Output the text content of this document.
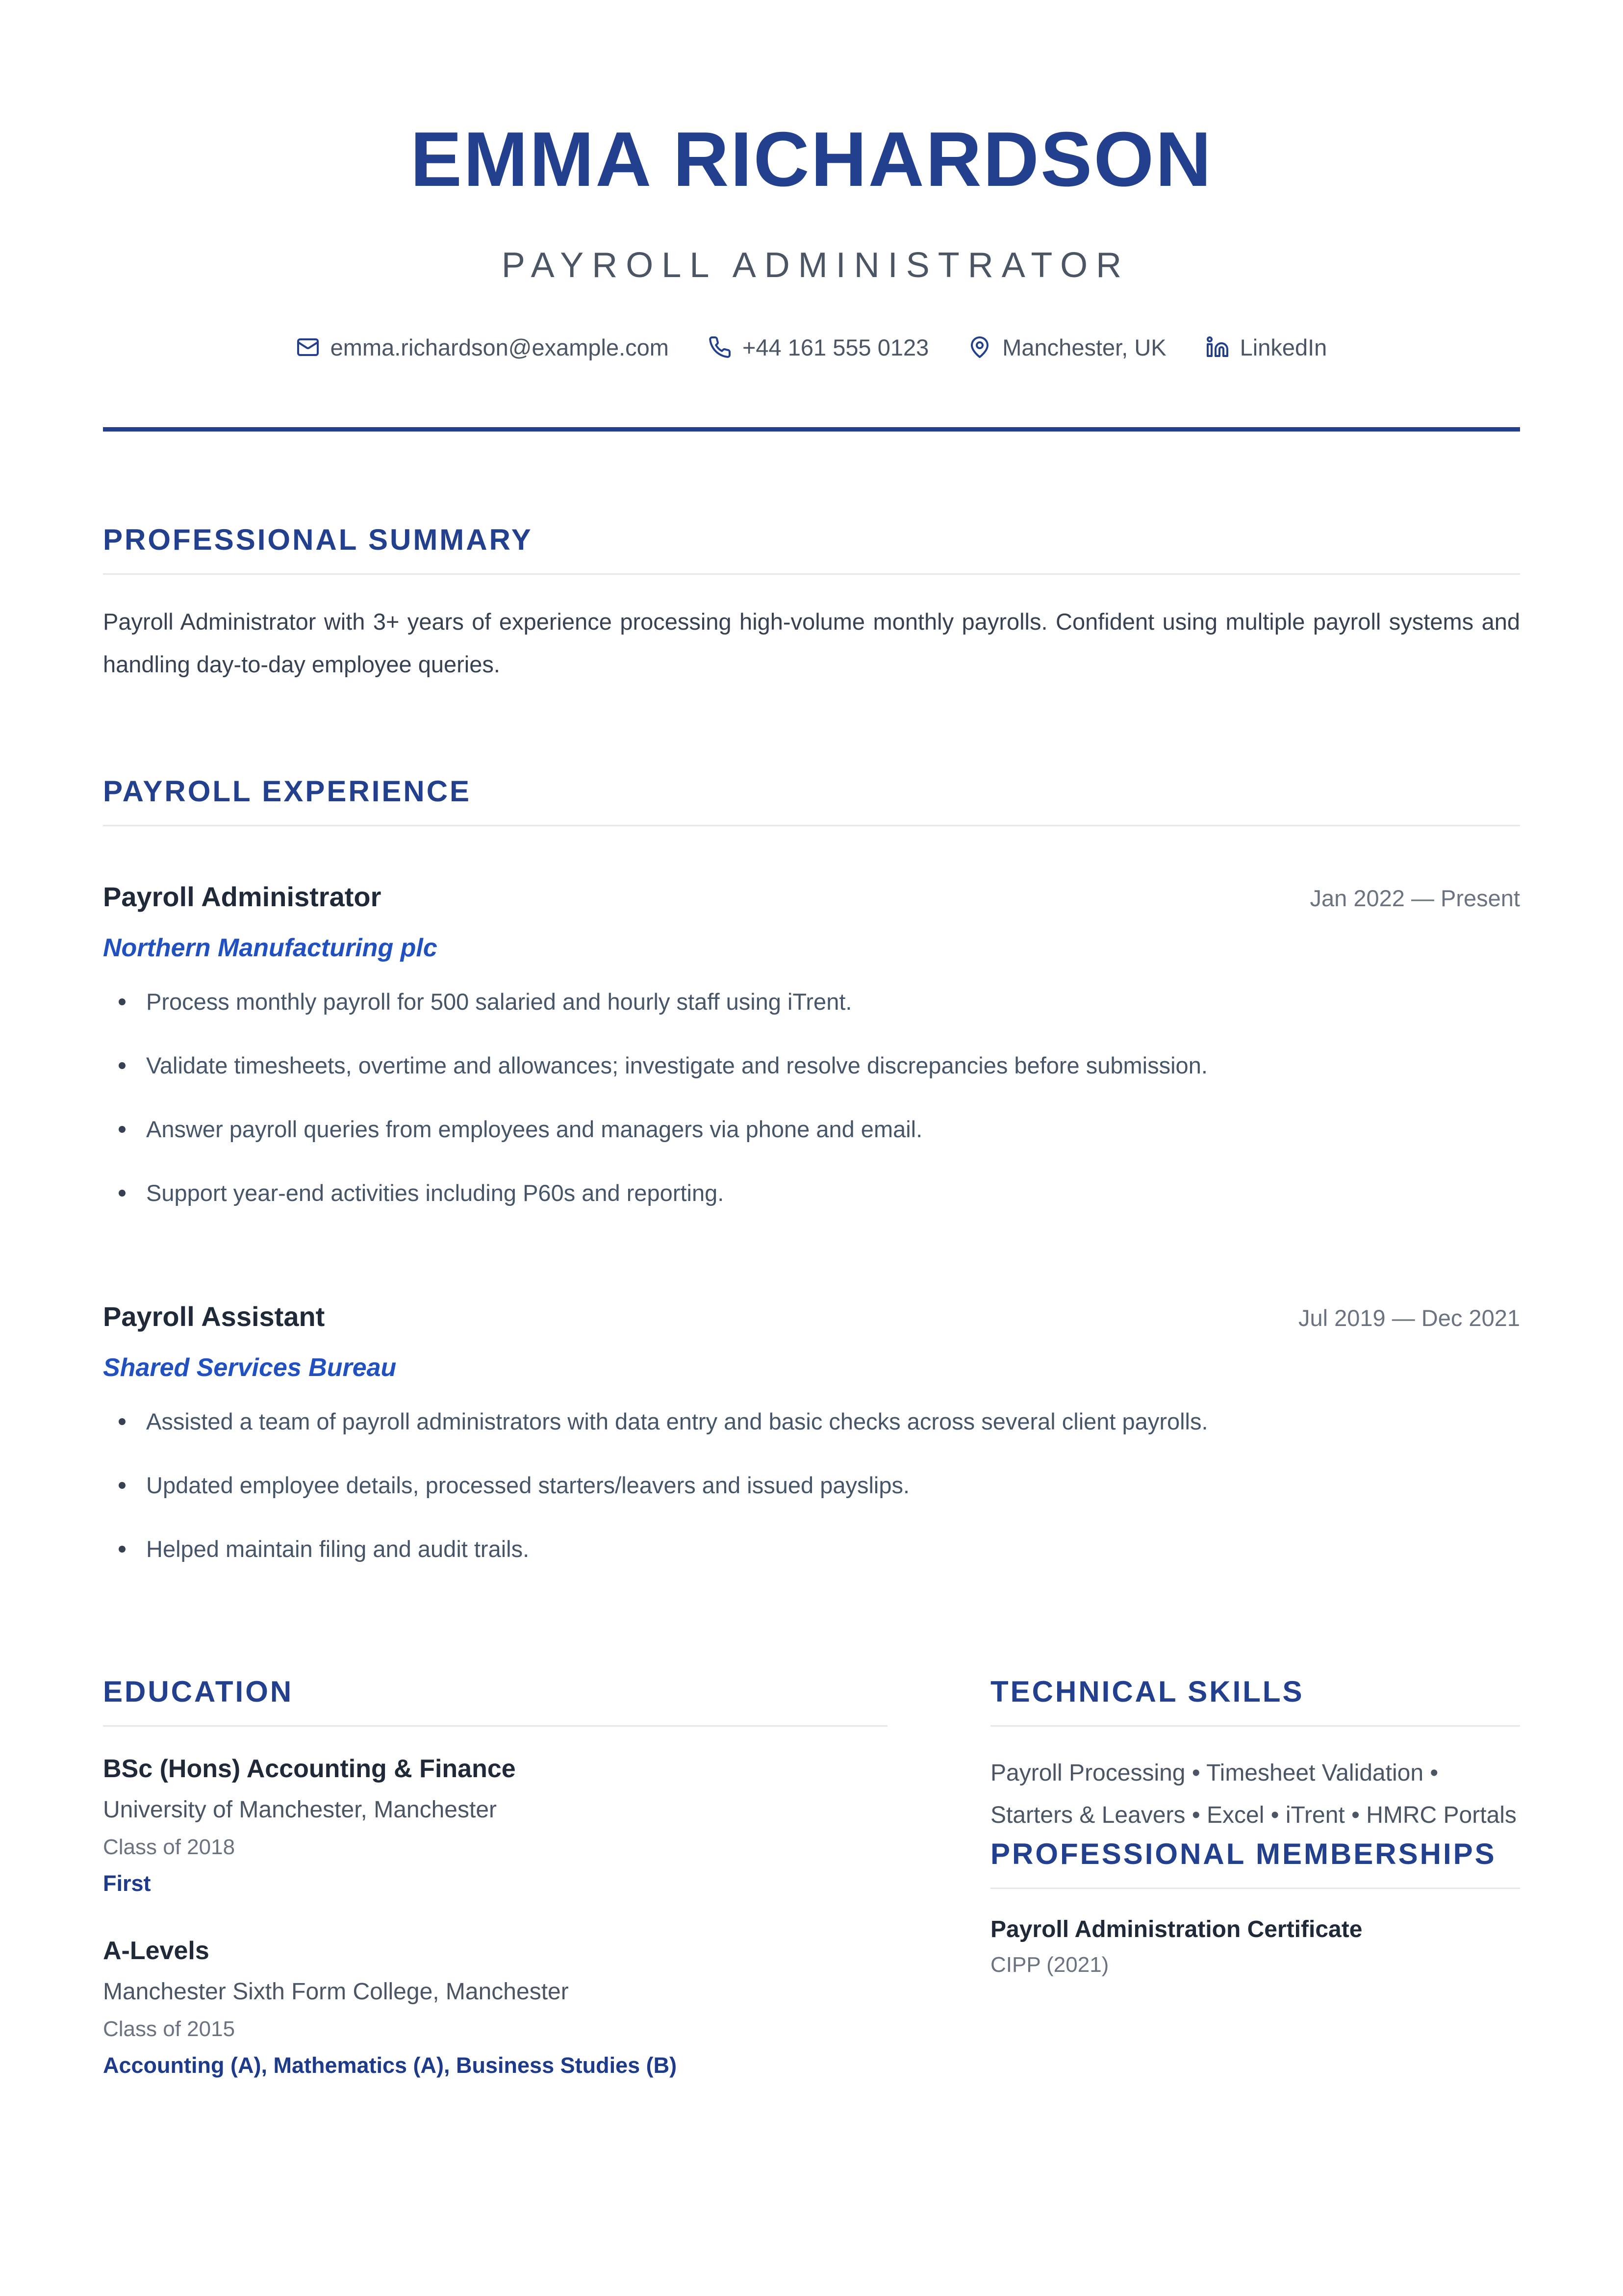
EMMA RICHARDSON
PAYROLL ADMINISTRATOR
emma.richardson@example.com	+44 161 555 0123	Manchester, UK	LinkedIn
PROFESSIONAL SUMMARY

Payroll Administrator with 3+ years of experience processing high-volume monthly payrolls. Confident using multiple payroll systems and handling day-to-day employee queries.

PAYROLL EXPERIENCE
Payroll Administrator	Jan 2022 — Present
Northern Manufacturing plc
Process monthly payroll for 500 salaried and hourly staff using iTrent.
Validate timesheets, overtime and allowances; investigate and resolve discrepancies before submission.
Answer payroll queries from employees and managers via phone and email.
Support year-end activities including P60s and reporting.
Payroll Assistant	Jul 2019 — Dec 2021
Shared Services Bureau
Assisted a team of payroll administrators with data entry and basic checks across several client payrolls.
Updated employee details, processed starters/leavers and issued payslips.
Helped maintain filing and audit trails.
EDUCATION
BSc (Hons) Accounting & Finance
University of Manchester, Manchester
Class of 2018
First
A-Levels
Manchester Sixth Form College, Manchester
Class of 2015
Accounting (A), Mathematics (A), Business Studies (B)
TECHNICAL SKILLS

Payroll Processing • Timesheet Validation • Starters & Leavers • Excel • iTrent • HMRC Portals

PROFESSIONAL MEMBERSHIPS
Payroll Administration Certificate
CIPP (2021)
